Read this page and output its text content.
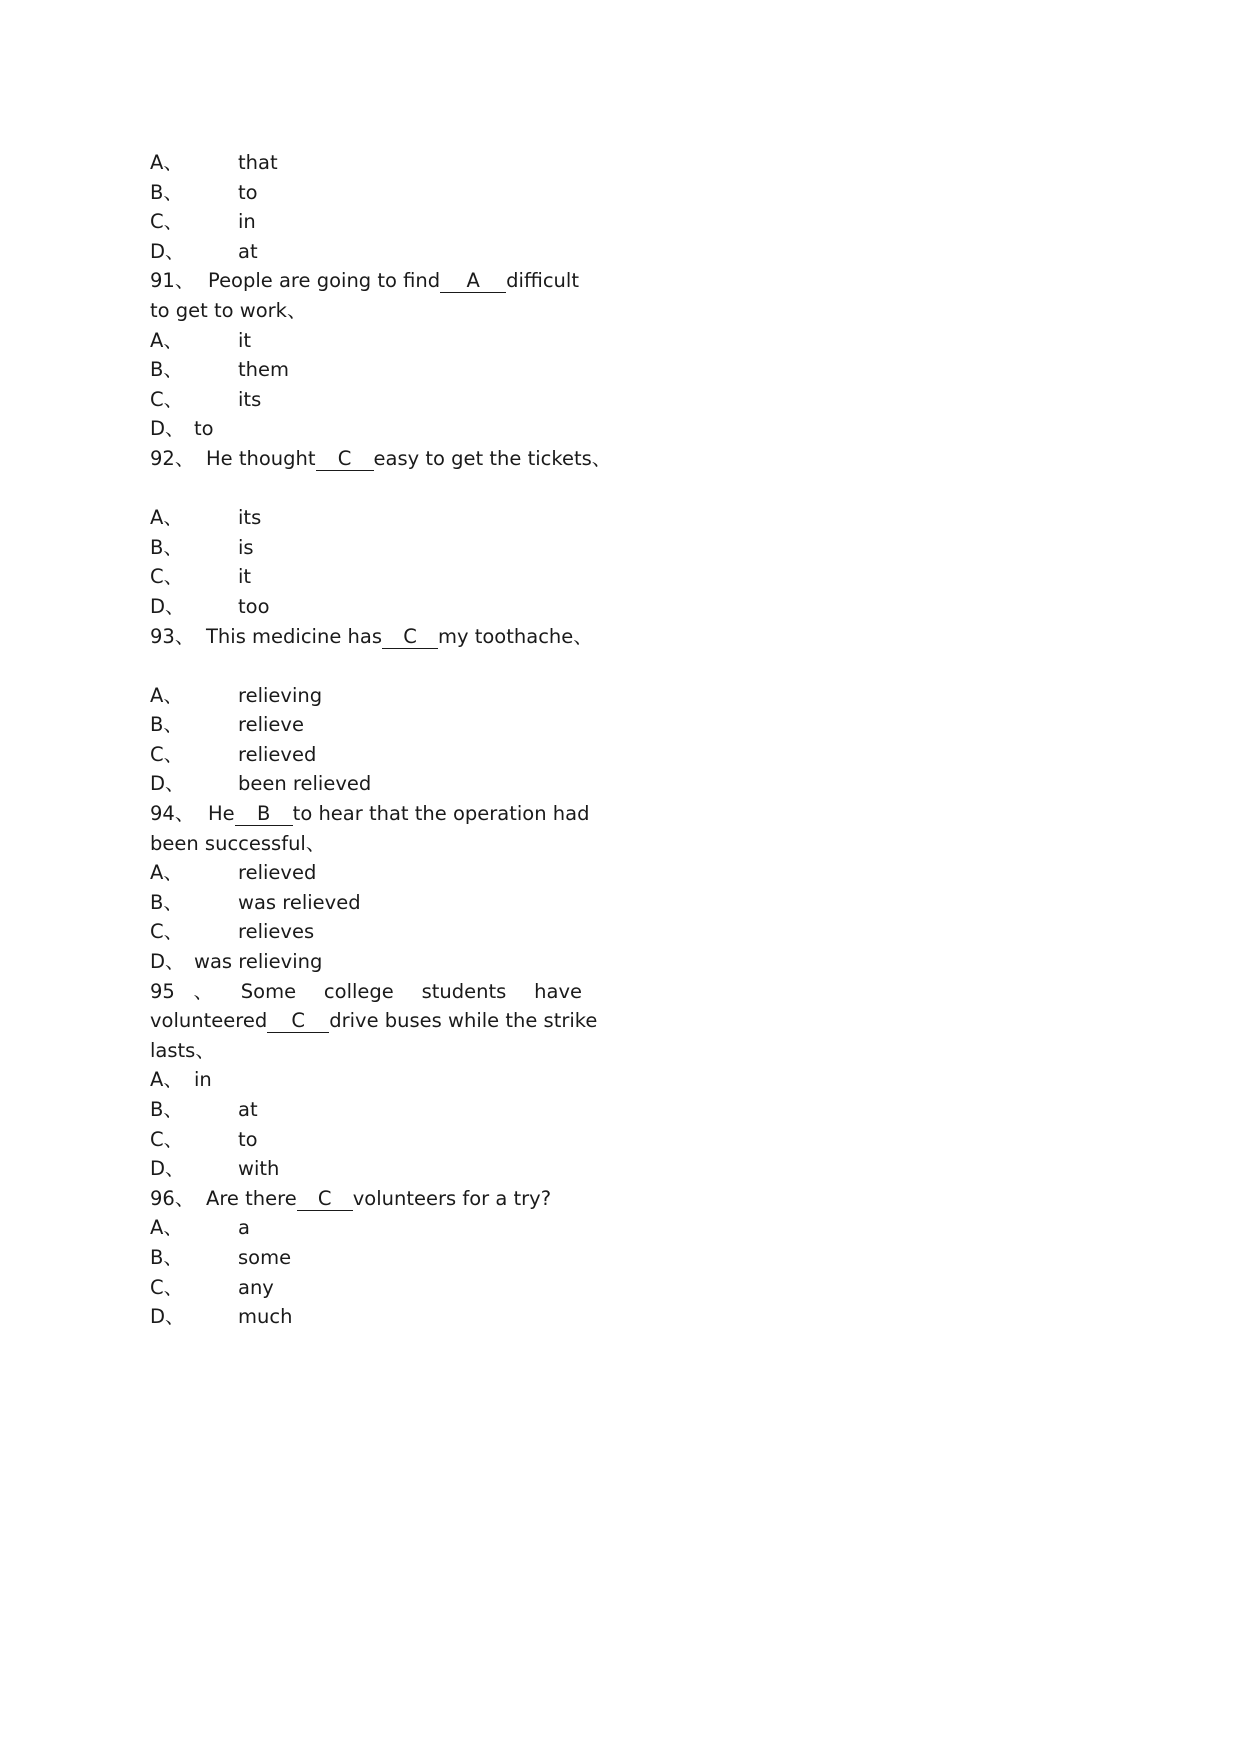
A、	that
B、	to
C、	in
D、	at
91、 People are going to find A difficult
to get to work、
A、	it
B、	them
C、	its
D、 to
92、 He thought C easy to get the tickets、
A、	its
B、	is
C、	it
D、	too
93、 This medicine has C my toothache、
A、	relieving
B、	relieve
C、	relieved
D、	been relieved
94、 He B to hear that the operation had
been successful、
A、	relieved
B、	was relieved
C、	relieves
D、 was relieving
95 、 Some college students have
volunteered C drive buses while the strike
lasts、
A、 in
B、	at
C、	to
D、	with
96、 Are there C volunteers for a try?
A、	a
B、	some
C、	any
D、	much
